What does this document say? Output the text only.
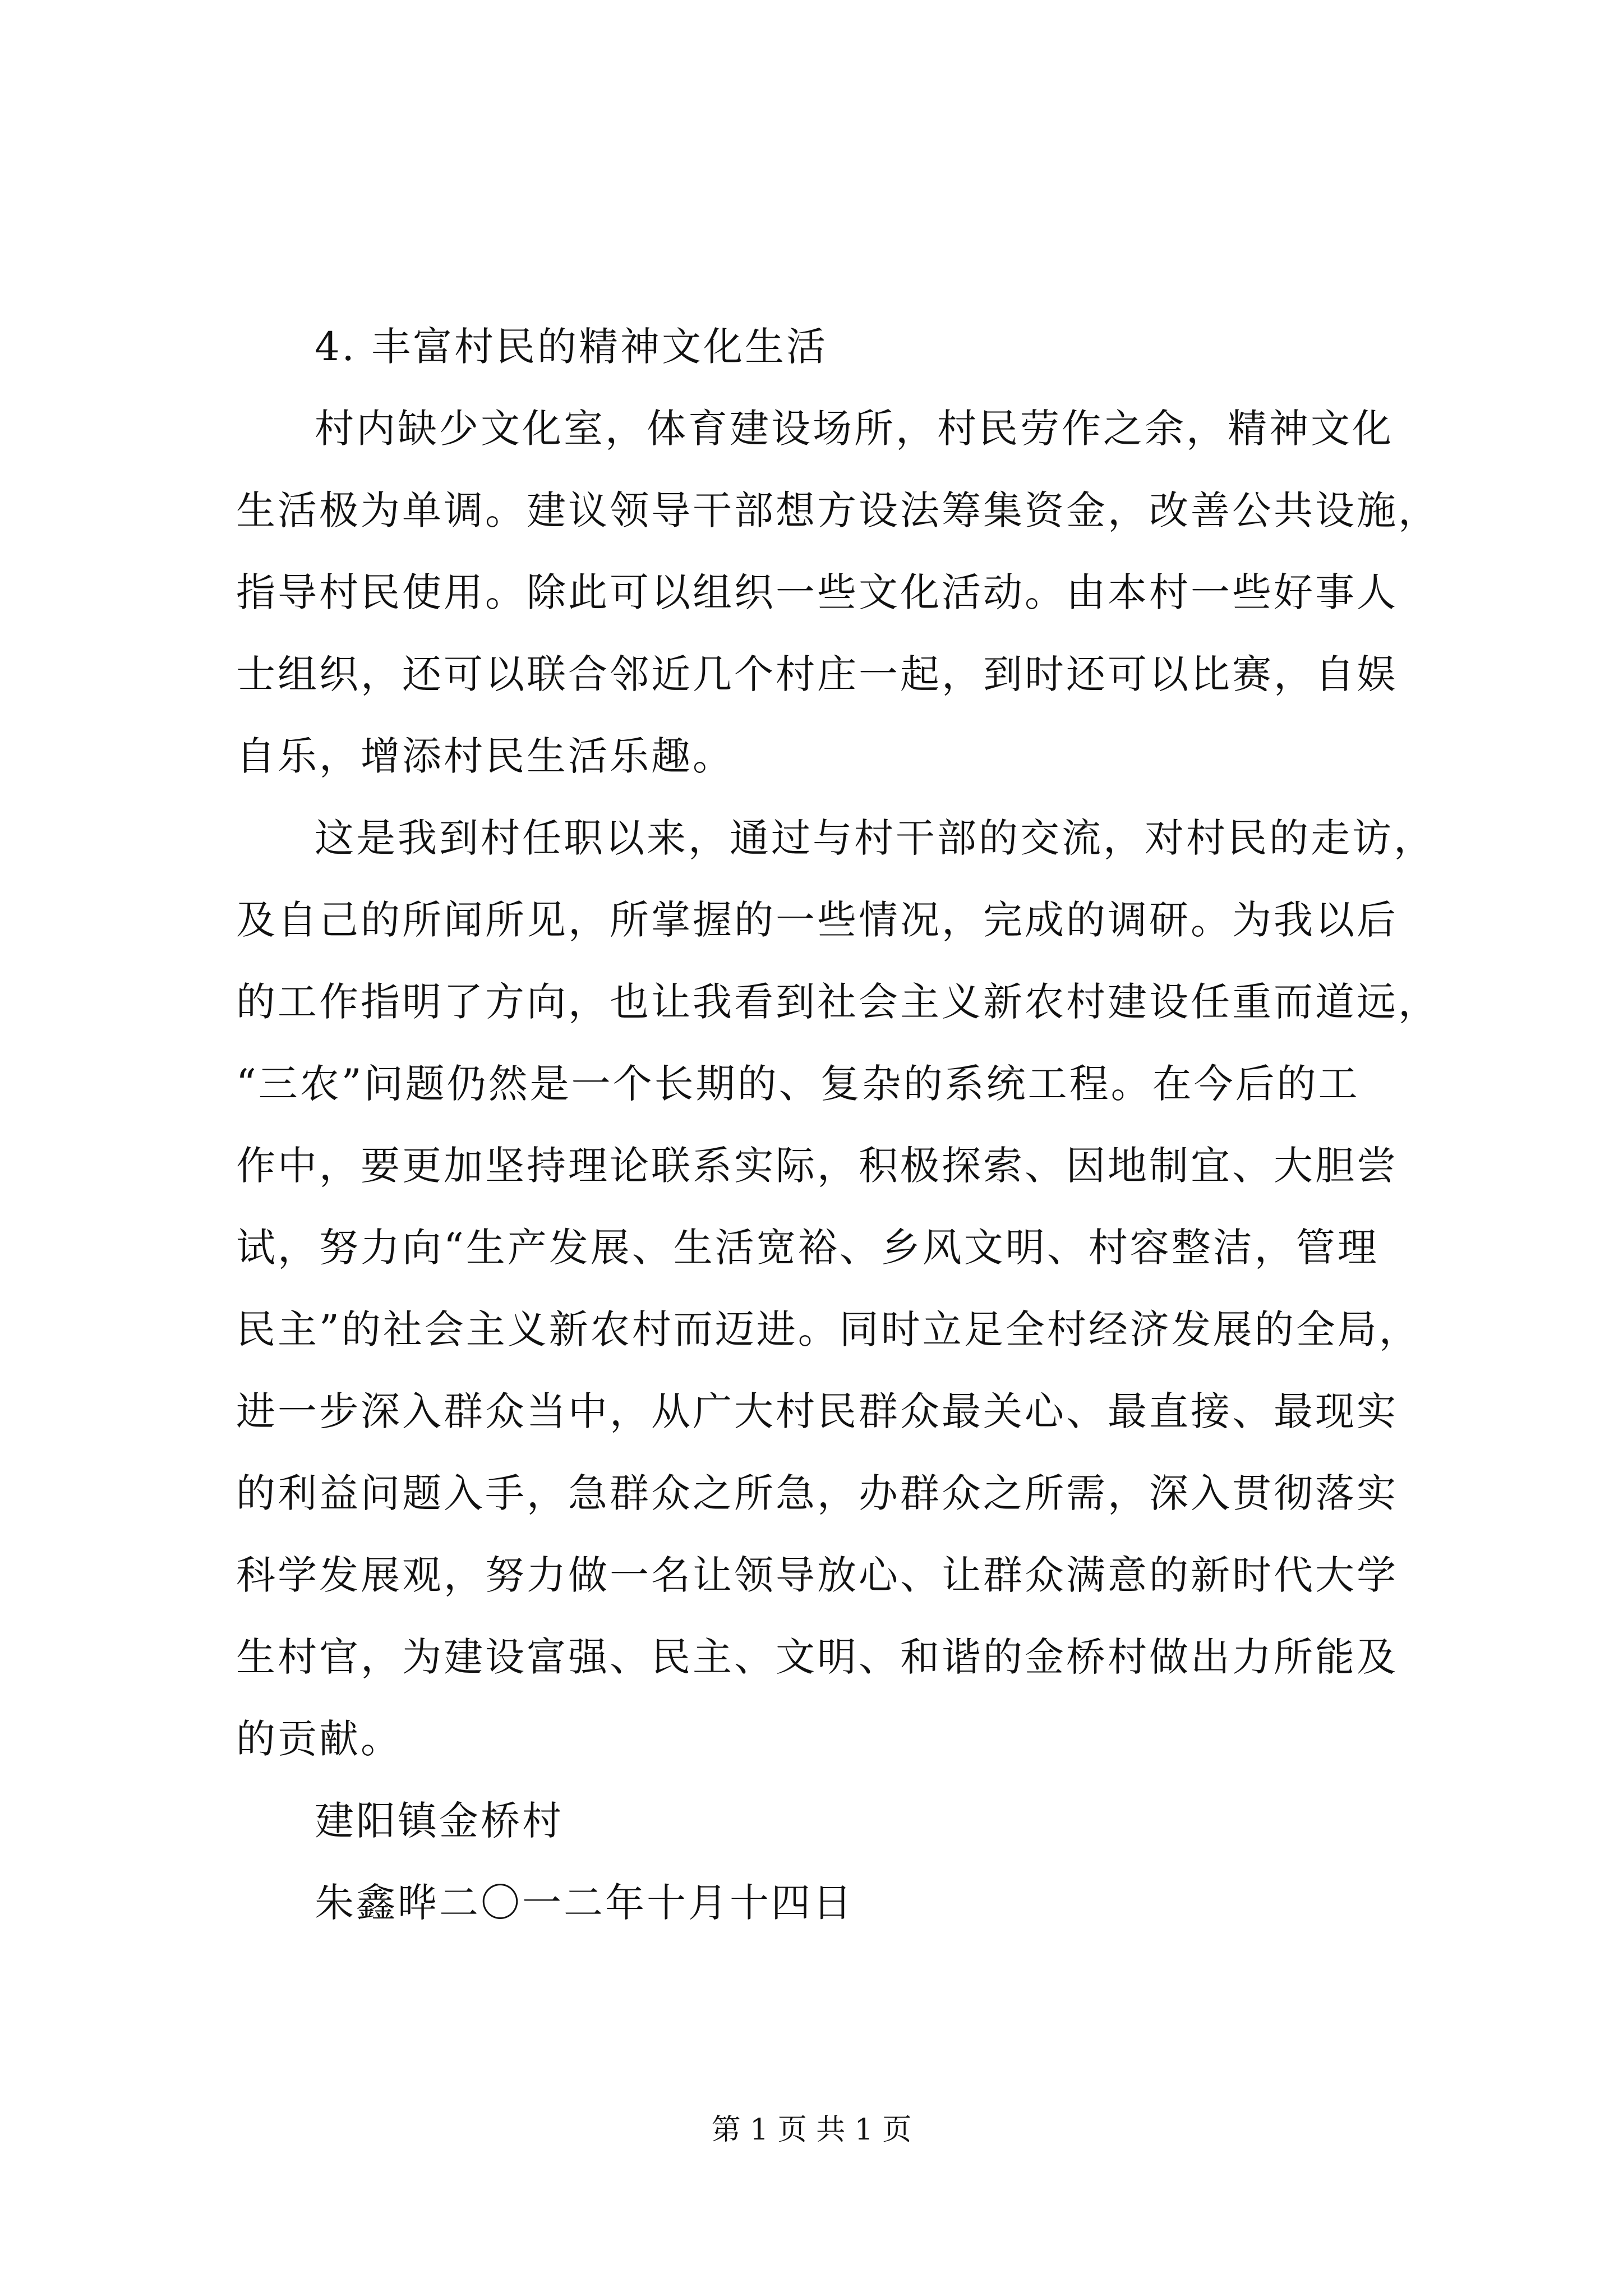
4. 丰富村民的精神文化生活

村内缺少文化室，体育建设场所，村民劳作之余，精神文化
生活极为单调。建议领导干部想方设法筹集资金，改善公共设施，
指导村民使用。除此可以组织一些文化活动。由本村一些好事人
士组织，还可以联合邻近几个村庄一起，到时还可以比赛，自娱
自乐，增添村民生活乐趣。

这是我到村任职以来，通过与村干部的交流，对村民的走访，
及自己的所闻所见，所掌握的一些情况，完成的调研。为我以后
的工作指明了方向，也让我看到社会主义新农村建设任重而道远，
“三农”问题仍然是一个长期的、复杂的系统工程。在今后的工
作中，要更加坚持理论联系实际，积极探索、因地制宜、大胆尝
试，努力向“生产发展、生活宽裕、乡风文明、村容整洁，管理
民主”的社会主义新农村而迈进。同时立足全村经济发展的全局，
进一步深入群众当中，从广大村民群众最关心、最直接、最现实
的利益问题入手，急群众之所急，办群众之所需，深入贯彻落实
科学发展观，努力做一名让领导放心、让群众满意的新时代大学
生村官，为建设富强、民主、文明、和谐的金桥村做出力所能及
的贡献。

建阳镇金桥村

朱鑫晔二〇一二年十月十四日

第 1 页 共 1 页
